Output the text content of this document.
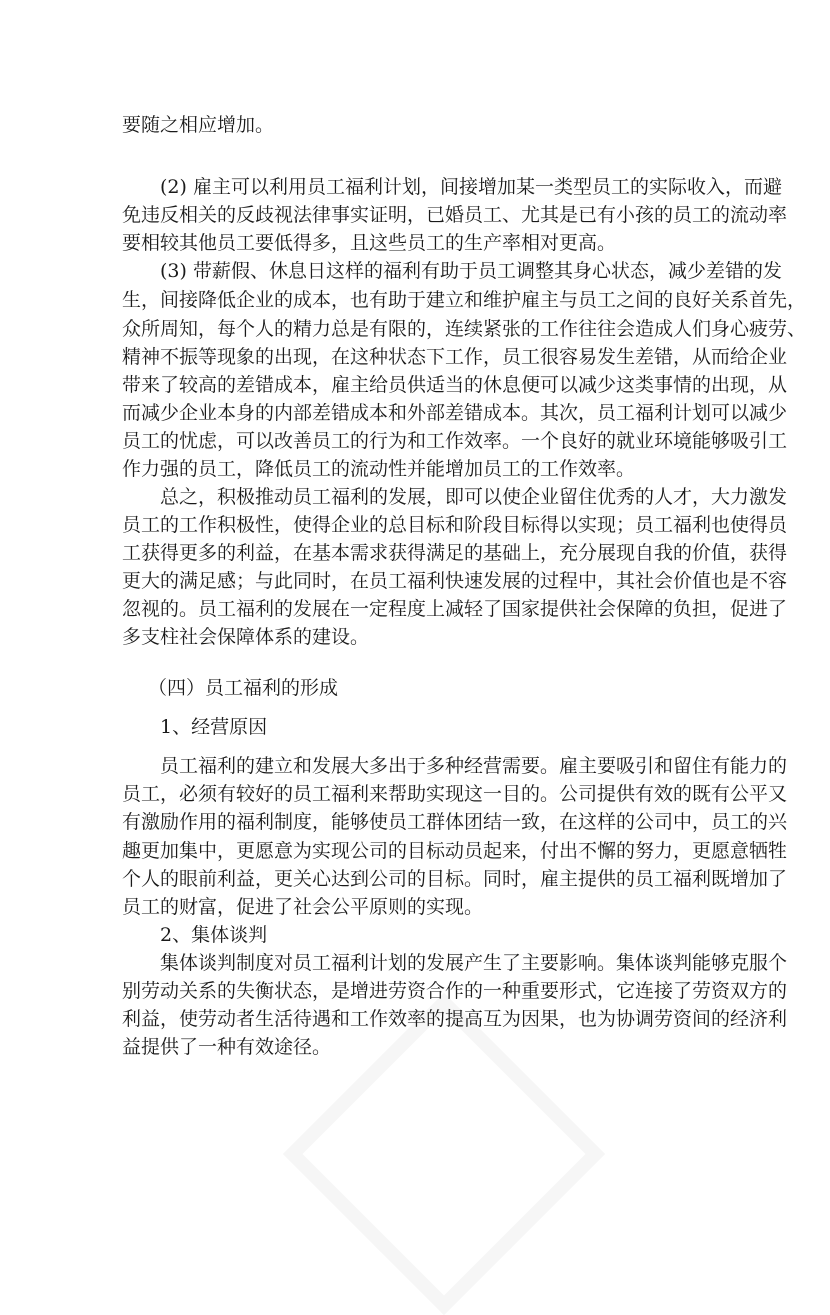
要随之相应增加。
(2) 雇主可以利用员工福利计划，间接增加某一类型员工的实际收入，而避
免违反相关的反歧视法律事实证明，已婚员工、尤其是已有小孩的员工的流动率
要相较其他员工要低得多，且这些员工的生产率相对更高。
(3) 带薪假、休息日这样的福利有助于员工调整其身心状态，减少差错的发
生，间接降低企业的成本，也有助于建立和维护雇主与员工之间的良好关系首先，
众所周知，每个人的精力总是有限的，连续紧张的工作往往会造成人们身心疲劳、
精神不振等现象的出现，在这种状态下工作，员工很容易发生差错，从而给企业
带来了较高的差错成本，雇主给员供适当的休息便可以减少这类事情的出现，从
而减少企业本身的内部差错成本和外部差错成本。其次，员工福利计划可以减少
员工的忧虑，可以改善员工的行为和工作效率。一个良好的就业环境能够吸引工
作力强的员工，降低员工的流动性并能增加员工的工作效率。
总之，积极推动员工福利的发展，即可以使企业留住优秀的人才，大力激发
员工的工作积极性，使得企业的总目标和阶段目标得以实现；员工福利也使得员
工获得更多的利益，在基本需求获得满足的基础上，充分展现自我的价值，获得
更大的满足感；与此同时，在员工福利快速发展的过程中，其社会价值也是不容
忽视的。员工福利的发展在一定程度上减轻了国家提供社会保障的负担，促进了
多支柱社会保障体系的建设。
（四）员工福利的形成
1、经营原因
员工福利的建立和发展大多出于多种经营需要。雇主要吸引和留住有能力的
员工，必须有较好的员工福利来帮助实现这一目的。公司提供有效的既有公平又
有激励作用的福利制度，能够使员工群体团结一致，在这样的公司中，员工的兴
趣更加集中，更愿意为实现公司的目标动员起来，付出不懈的努力，更愿意牺牲
个人的眼前利益，更关心达到公司的目标。同时，雇主提供的员工福利既增加了
员工的财富，促进了社会公平原则的实现。
2、集体谈判
集体谈判制度对员工福利计划的发展产生了主要影响。集体谈判能够克服个
别劳动关系的失衡状态，是增进劳资合作的一种重要形式，它连接了劳资双方的
利益，使劳动者生活待遇和工作效率的提高互为因果，也为协调劳资间的经济利
益提供了一种有效途径。
